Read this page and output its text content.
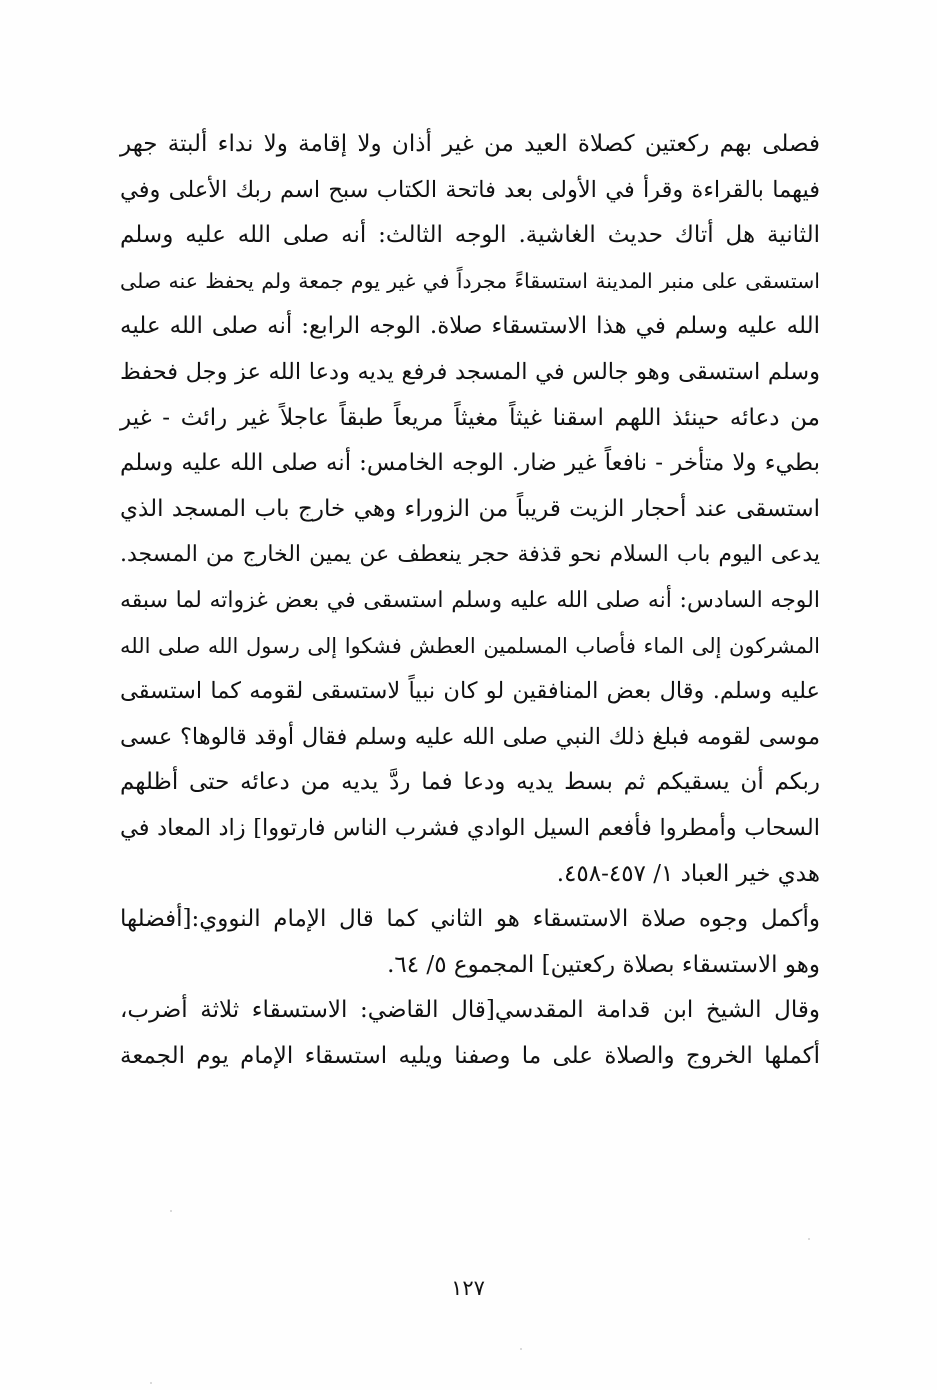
فصلى بهم ركعتين كصلاة العيد من غير أذان ولا إقامة ولا نداء ألبتة جهر
فيهما بالقراءة وقرأ في الأولى بعد فاتحة الكتاب سبح اسم ربك الأعلى وفي
الثانية هل أتاك حديث الغاشية. الوجه الثالث: أنه صلى الله عليه وسلم
استسقى على منبر المدينة استسقاءً مجرداً في غير يوم جمعة ولم يحفظ عنه صلى
الله عليه وسلم في هذا الاستسقاء صلاة. الوجه الرابع: أنه صلى الله عليه
وسلم استسقى وهو جالس في المسجد فرفع يديه ودعا الله عز وجل فحفظ
من دعائه حينئذ اللهم اسقنا غيثاً مغيثاً مريعاً طبقاً عاجلاً غير رائث - غير
بطيء ولا متأخر - نافعاً غير ضار. الوجه الخامس: أنه صلى الله عليه وسلم
استسقى عند أحجار الزيت قريباً من الزوراء وهي خارج باب المسجد الذي
يدعى اليوم باب السلام نحو قذفة حجر ينعطف عن يمين الخارج من المسجد.
الوجه السادس: أنه صلى الله عليه وسلم استسقى في بعض غزواته لما سبقه
المشركون إلى الماء فأصاب المسلمين العطش فشكوا إلى رسول الله صلى الله
عليه وسلم. وقال بعض المنافقين لو كان نبياً لاستسقى لقومه كما استسقى
موسى لقومه فبلغ ذلك النبي صلى الله عليه وسلم فقال أوقد قالوها؟ عسى
ربكم أن يسقيكم ثم بسط يديه ودعا فما ردَّ يديه من دعائه حتى أظلهم
السحاب وأمطروا فأفعم السيل الوادي فشرب الناس فارتووا] زاد المعاد في
هدي خير العباد ١/ ٤٥٧-٤٥٨.
وأكمل وجوه صلاة الاستسقاء هو الثاني كما قال الإمام النووي:[أفضلها
وهو الاستسقاء بصلاة ركعتين] المجموع ٥/ ٦٤.
وقال الشيخ ابن قدامة المقدسي[قال القاضي: الاستسقاء ثلاثة أضرب،
أكملها الخروج والصلاة على ما وصفنا ويليه استسقاء الإمام يوم الجمعة
١٢٧
